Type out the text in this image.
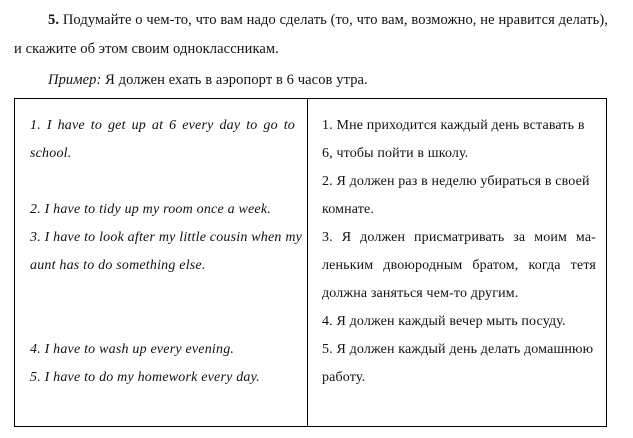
5. Подумайте о чем-то, что вам надо сделать (то, что вам, возможно, не нравится делать), и скажите об этом своим одноклассникам.

Пример: Я должен ехать в аэропорт в 6 часов утра.

1. I have to get up at 6 every day to go to
school.
2. I have to tidy up my room once a week.
3. I have to look after my little cousin when my
aunt has to do something else.
4. I have to wash up every evening.
5. I have to do my homework every day.
1. Мне приходится каждый день вставать в
6, чтобы пойти в школу.
2. Я должен раз в неделю убираться в своей
комнате.
3. Я должен присматривать за моим ма-
леньким двоюродным братом, когда тетя
должна заняться чем-то другим.
4. Я должен каждый вечер мыть посуду.
5. Я должен каждый день делать домашнюю
работу.
